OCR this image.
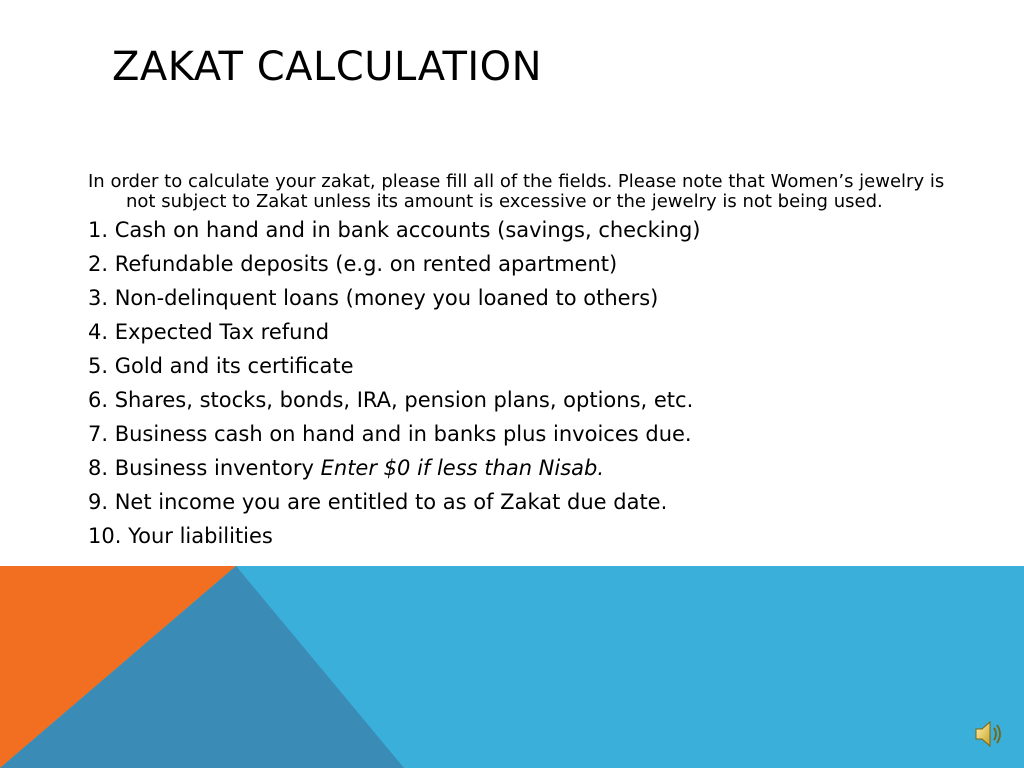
ZAKAT CALCULATION

In order to calculate your zakat, please fill all of the fields. Please note that Women’s jewelry is not subject to Zakat unless its amount is excessive or the jewelry is not being used.

1. Cash on hand and in bank accounts (savings, checking)
2. Refundable deposits (e.g. on rented apartment)
3. Non-delinquent loans (money you loaned to others)
4. Expected Tax refund
5. Gold and its certificate
6. Shares, stocks, bonds, IRA, pension plans, options, etc.
7. Business cash on hand and in banks plus invoices due.
8. Business inventory Enter $0 if less than Nisab.
9. Net income you are entitled to as of Zakat due date.
10. Your liabilities
